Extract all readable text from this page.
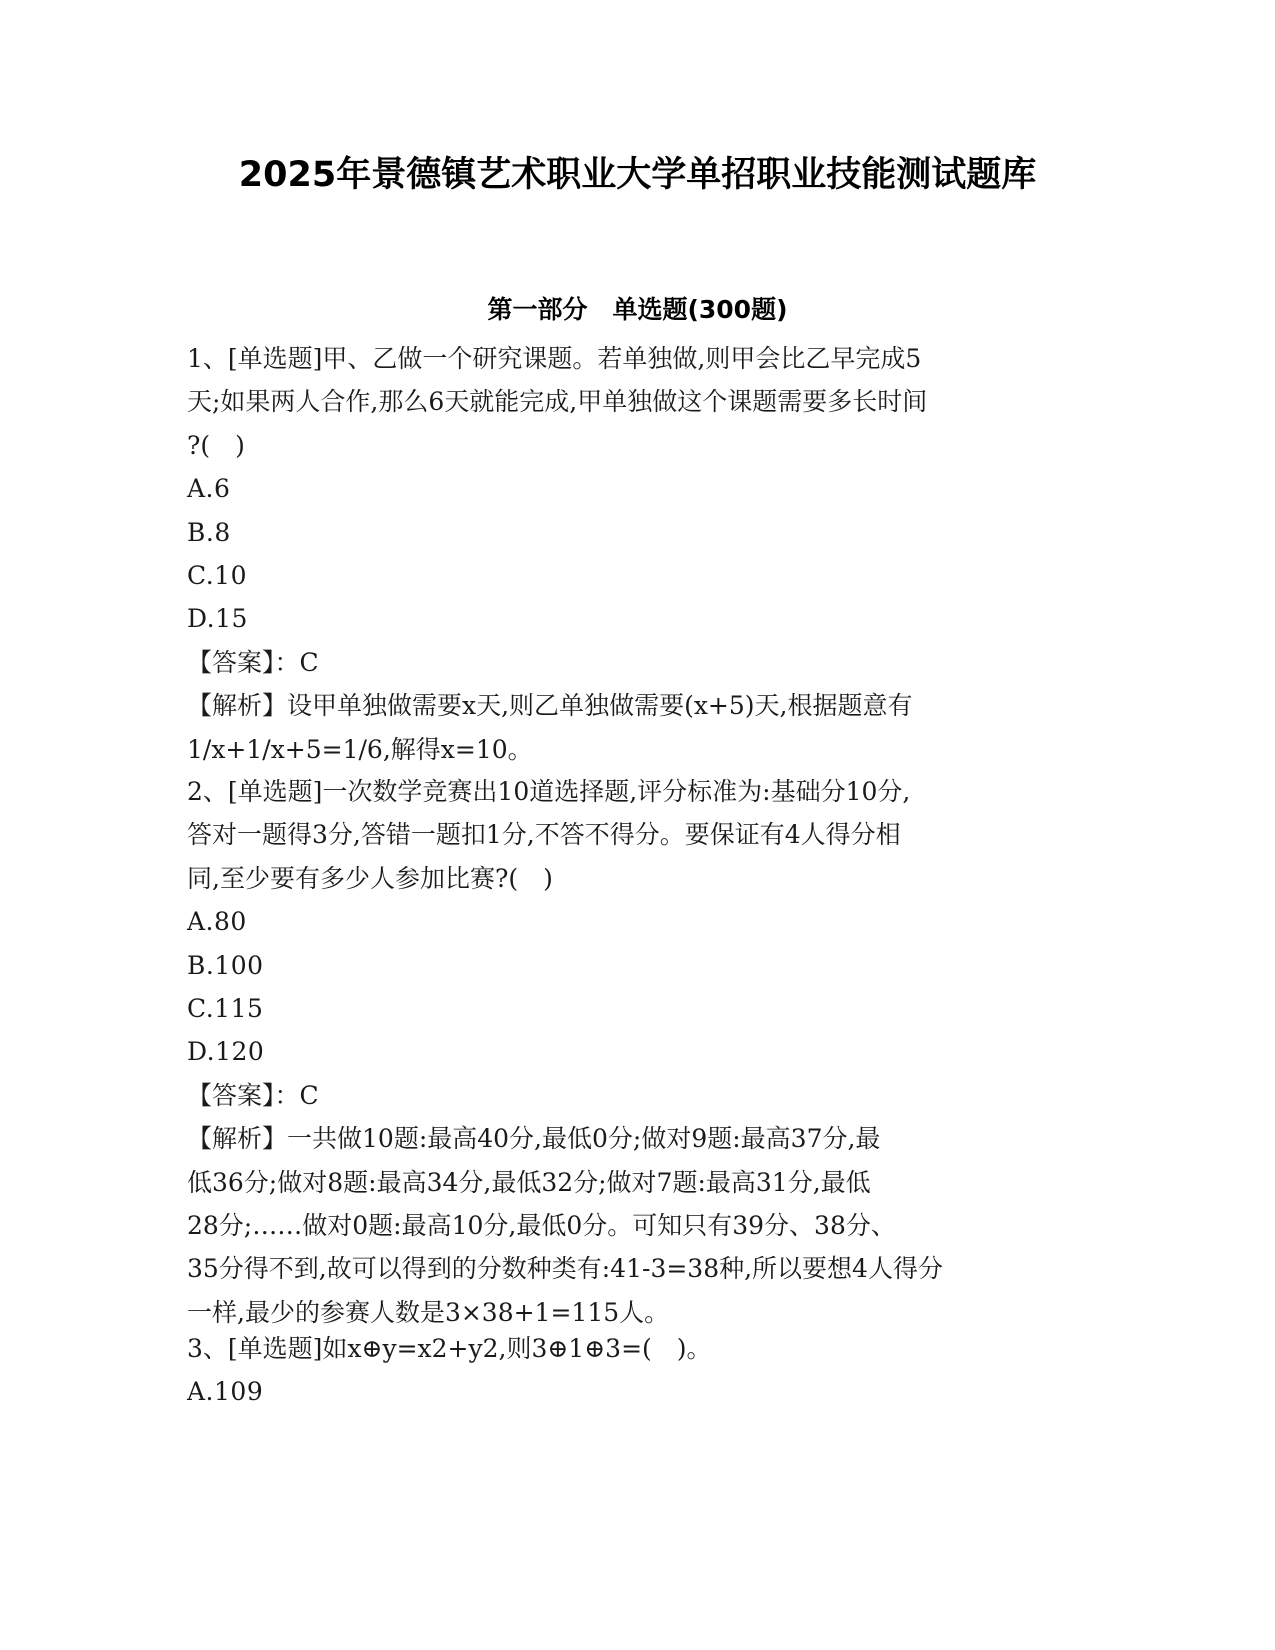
2025年景德镇艺术职业大学单招职业技能测试题库
第一部分　单选题(300题)

1、[单选题]甲、乙做一个研究课题。若单独做,则甲会比乙早完成5

天;如果两人合作,那么6天就能完成,甲单独做这个课题需要多长时间

?(　)

A.6

B.8

C.10

D.15

【答案】：C

【解析】设甲单独做需要x天,则乙单独做需要(x+5)天,根据题意有

1/x+1/x+5=1/6,解得x=10。

2、[单选题]一次数学竞赛出10道选择题,评分标准为:基础分10分,

答对一题得3分,答错一题扣1分,不答不得分。要保证有4人得分相

同,至少要有多少人参加比赛?(　)

A.80

B.100

C.115

D.120

【答案】：C

【解析】一共做10题:最高40分,最低0分;做对9题:最高37分,最

低36分;做对8题:最高34分,最低32分;做对7题:最高31分,最低

28分;……做对0题:最高10分,最低0分。可知只有39分、38分、

35分得不到,故可以得到的分数种类有:41-3=38种,所以要想4人得分

一样,最少的参赛人数是3×38+1=115人。

3、[单选题]如x⊕y=x2+y2,则3⊕1⊕3=(　)。

A.109
